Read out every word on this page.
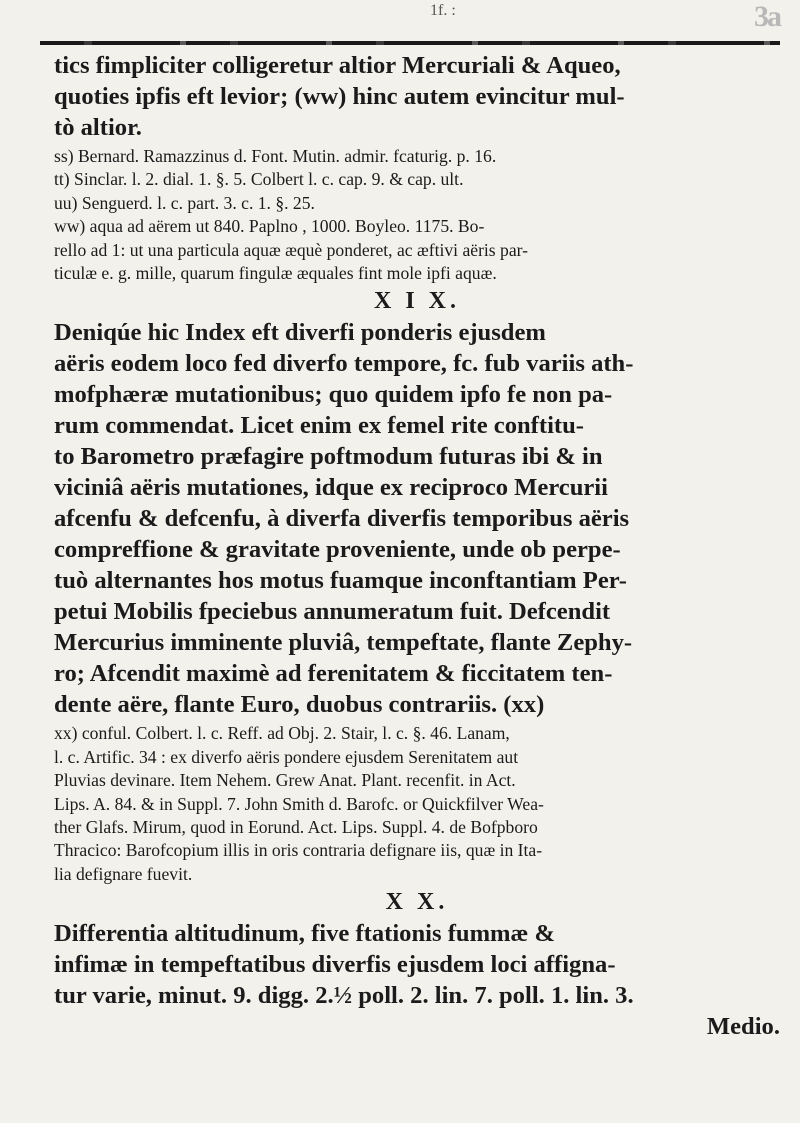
1f. :	3a

tics fimpliciter colligeretur altior Mercuriali & Aqueo,

quoties ipfis eft levior; (ww) hinc autem evincitur mul-

tò altior.

ss) Bernard. Ramazzinus d. Font. Mutin. admir. fcaturig. p. 16.

tt) Sinclar. l. 2. dial. 1. §. 5. Colbert l. c. cap. 9. & cap. ult.

uu) Senguerd. l. c. part. 3. c. 1. §. 25.

ww) aqua ad aërem ut 840. Paplno , 1000. Boyleo. 1175. Bo-

rello ad 1: ut una particula aquæ æquè ponderet, ac æftivi aëris par-

ticulæ e. g. mille, quarum fingulæ æquales fint mole ipfi aquæ.

X I X.

Deniqúe hic Index eft diverfi ponderis ejusdem

aëris eodem loco fed diverfo tempore, fc. fub variis ath-

mofphæræ mutationibus; quo quidem ipfo fe non pa-

rum commendat. Licet enim ex femel rite conftitu-

to Barometro præfagire poftmodum futuras ibi & in

viciniâ aëris mutationes, idque ex reciproco Mercurii

afcenfu & defcenfu, à diverfa diverfis temporibus aëris

compreffione & gravitate proveniente, unde ob perpe-

tuò alternantes hos motus fuamque inconftantiam Per-

petui Mobilis fpeciebus annumeratum fuit. Defcendit

Mercurius imminente pluviâ, tempeftate, flante Zephy-

ro; Afcendit maximè ad ferenitatem & ficcitatem ten-

dente aëre, flante Euro, duobus contrariis. (xx)

xx) conful. Colbert. l. c. Reff. ad Obj. 2. Stair, l. c. §. 46. Lanam,

l. c. Artific. 34 : ex diverfo aëris pondere ejusdem Serenitatem aut

Pluvias devinare. Item Nehem. Grew Anat. Plant. recenfit. in Act.

Lips. A. 84. & in Suppl. 7. John Smith d. Barofc. or Quickfilver Wea-

ther Glafs. Mirum, quod in Eorund. Act. Lips. Suppl. 4. de Bofpboro

Thracico: Barofcopium illis in oris contraria defignare iis, quæ in Ita-

lia defignare fuevit.

X X.

Differentia altitudinum, five ftationis fummæ &

infimæ in tempeftatibus diverfis ejusdem loci affigna-

tur varie, minut. 9. digg. 2.½ poll. 2. lin. 7. poll. 1. lin. 3.

Medio.
